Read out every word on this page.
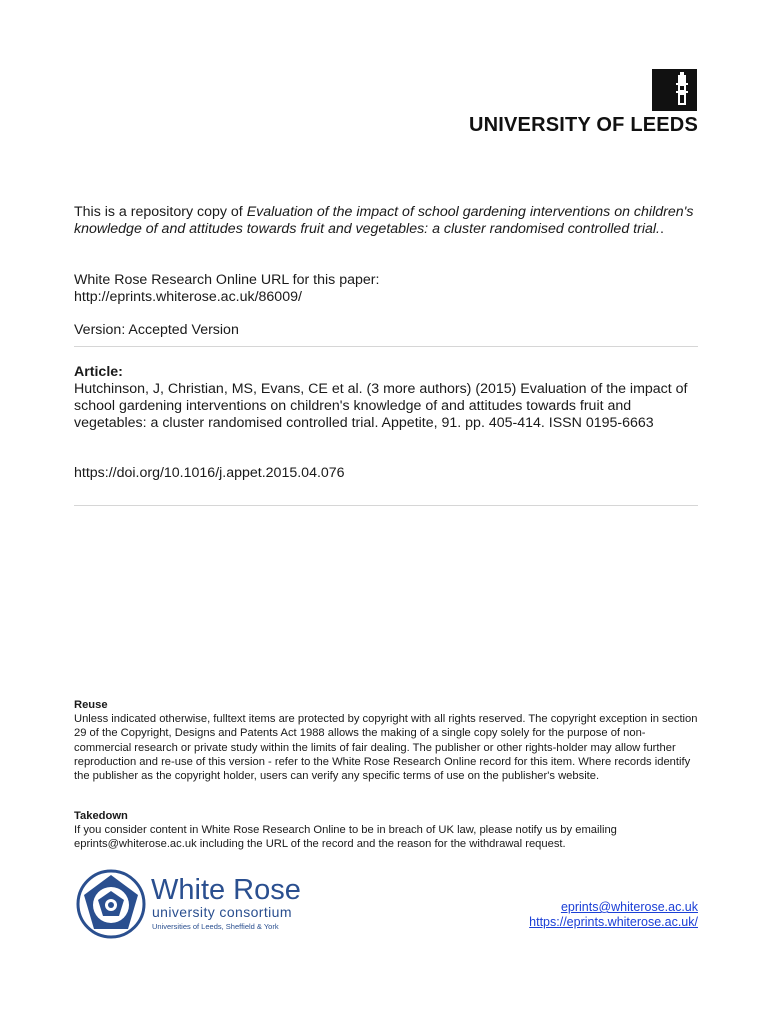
UNIVERSITY OF LEEDS
This is a repository copy of Evaluation of the impact of school gardening interventions on children's knowledge of and attitudes towards fruit and vegetables: a cluster randomised controlled trial..
White Rose Research Online URL for this paper:
http://eprints.whiterose.ac.uk/86009/
Version: Accepted Version
Article:
Hutchinson, J, Christian, MS, Evans, CE et al. (3 more authors) (2015) Evaluation of the impact of school gardening interventions on children's knowledge of and attitudes towards fruit and vegetables: a cluster randomised controlled trial. Appetite, 91. pp. 405-414. ISSN 0195-6663
https://doi.org/10.1016/j.appet.2015.04.076
Reuse
Unless indicated otherwise, fulltext items are protected by copyright with all rights reserved. The copyright exception in section 29 of the Copyright, Designs and Patents Act 1988 allows the making of a single copy solely for the purpose of non-commercial research or private study within the limits of fair dealing. The publisher or other rights-holder may allow further reproduction and re-use of this version - refer to the White Rose Research Online record for this item. Where records identify the publisher as the copyright holder, users can verify any specific terms of use on the publisher's website.
Takedown
If you consider content in White Rose Research Online to be in breach of UK law, please notify us by emailing eprints@whiterose.ac.uk including the URL of the record and the reason for the withdrawal request.
White Rose
university consortium
Universities of Leeds, Sheffield & York
eprints@whiterose.ac.uk
https://eprints.whiterose.ac.uk/
